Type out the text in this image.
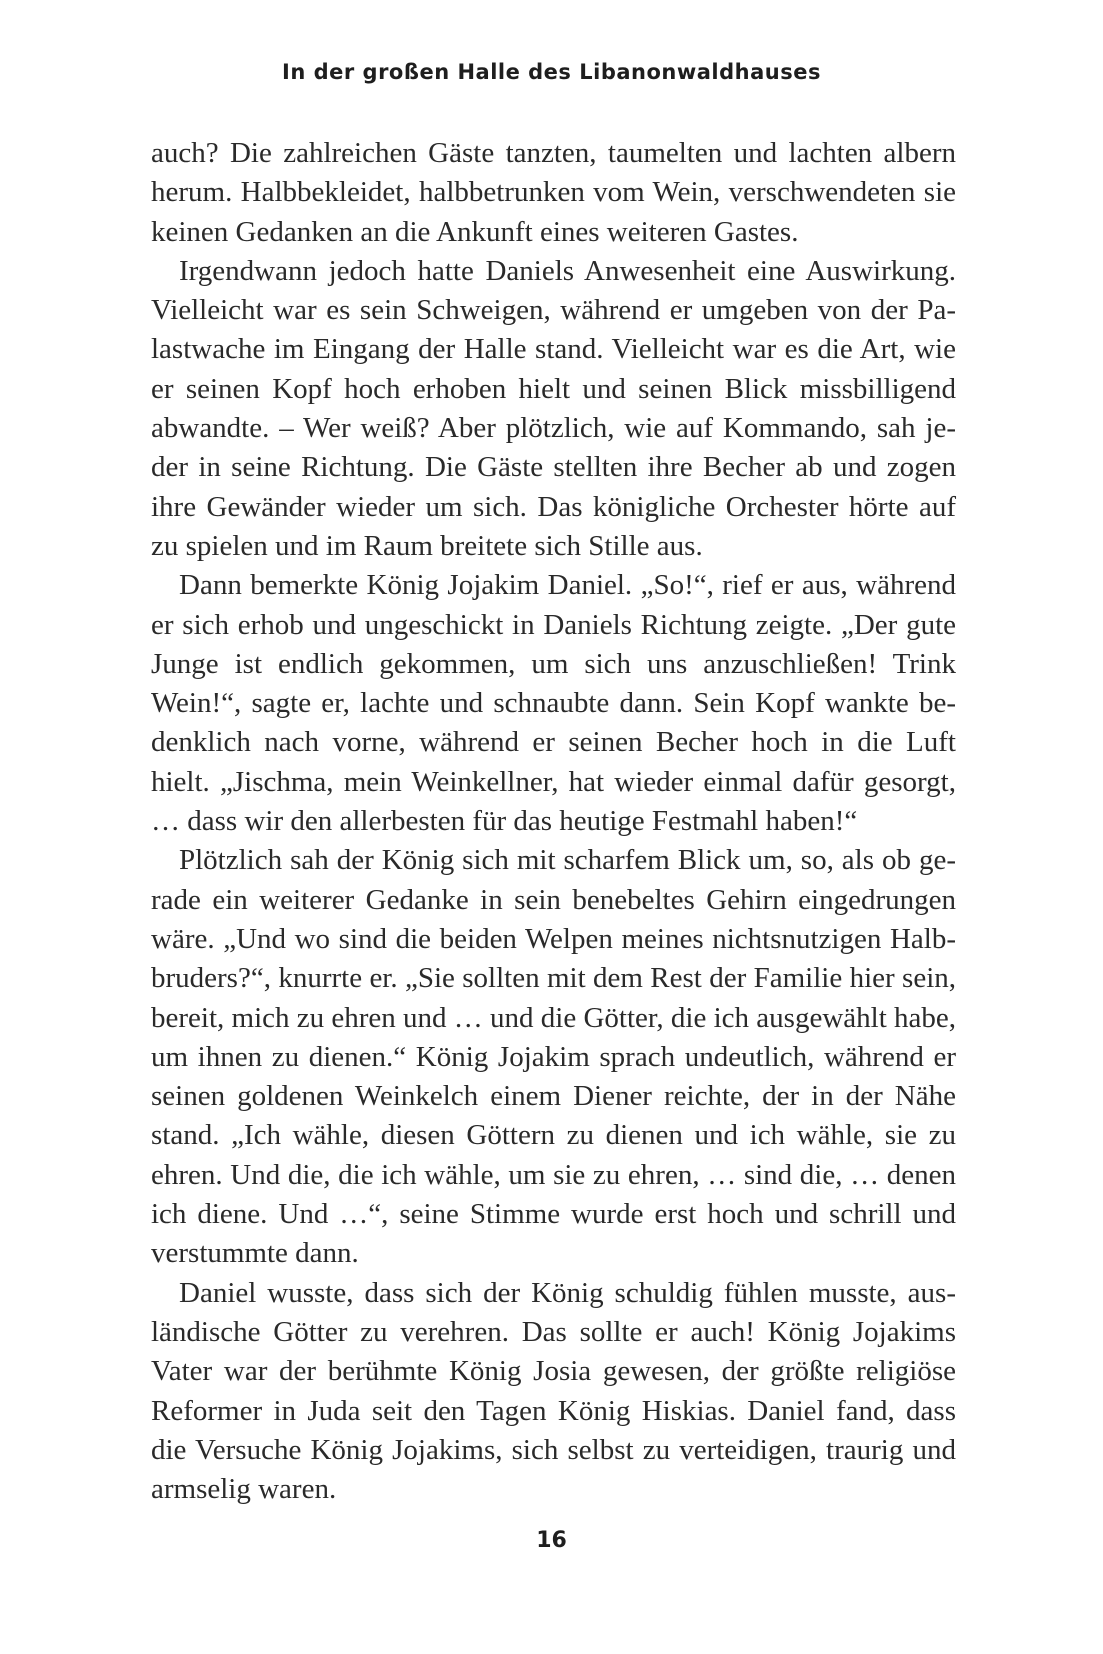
In der großen Halle des Libanonwaldhauses

auch? Die zahlreichen Gäste tanzten, taumelten und lachten albern herum. Halbbekleidet, halbbetrunken vom Wein, verschwendeten sie keinen Gedanken an die Ankunft eines weiteren Gastes.

Irgendwann jedoch hatte Daniels Anwesenheit eine Auswirkung. Vielleicht war es sein Schweigen, während er umgeben von der Palastwache im Eingang der Halle stand. Vielleicht war es die Art, wie er seinen Kopf hoch erhoben hielt und seinen Blick missbilligend abwandte. – Wer weiß? Aber plötzlich, wie auf Kommando, sah jeder in seine Richtung. Die Gäste stellten ihre Becher ab und zogen ihre Gewänder wieder um sich. Das königliche Orchester hörte auf zu spielen und im Raum breitete sich Stille aus.

Dann bemerkte König Jojakim Daniel. „So!“, rief er aus, während er sich erhob und ungeschickt in Daniels Richtung zeigte. „Der gute Junge ist endlich gekommen, um sich uns anzuschließen! Trink Wein!“, sagte er, lachte und schnaubte dann. Sein Kopf wankte bedenklich nach vorne, während er seinen Becher hoch in die Luft hielt. „Jischma, mein Weinkellner, hat wieder einmal dafür gesorgt, … dass wir den allerbesten für das heutige Festmahl haben!“

Plötzlich sah der König sich mit scharfem Blick um, so, als ob gerade ein weiterer Gedanke in sein benebeltes Gehirn eingedrungen wäre. „Und wo sind die beiden Welpen meines nichtsnutzigen Halbbruders?“, knurrte er. „Sie sollten mit dem Rest der Familie hier sein, bereit, mich zu ehren und … und die Götter, die ich ausgewählt habe, um ihnen zu dienen.“ König Jojakim sprach undeutlich, während er seinen goldenen Weinkelch einem Diener reichte, der in der Nähe stand. „Ich wähle, diesen Göttern zu dienen und ich wähle, sie zu ehren. Und die, die ich wähle, um sie zu ehren, … sind die, … denen ich diene. Und …“, seine Stimme wurde erst hoch und schrill und verstummte dann.

Daniel wusste, dass sich der König schuldig fühlen musste, ausländische Götter zu verehren. Das sollte er auch! König Jojakims Vater war der berühmte König Josia gewesen, der größte religiöse Reformer in Juda seit den Tagen König Hiskias. Daniel fand, dass die Versuche König Jojakims, sich selbst zu verteidigen, traurig und armselig waren.

16
